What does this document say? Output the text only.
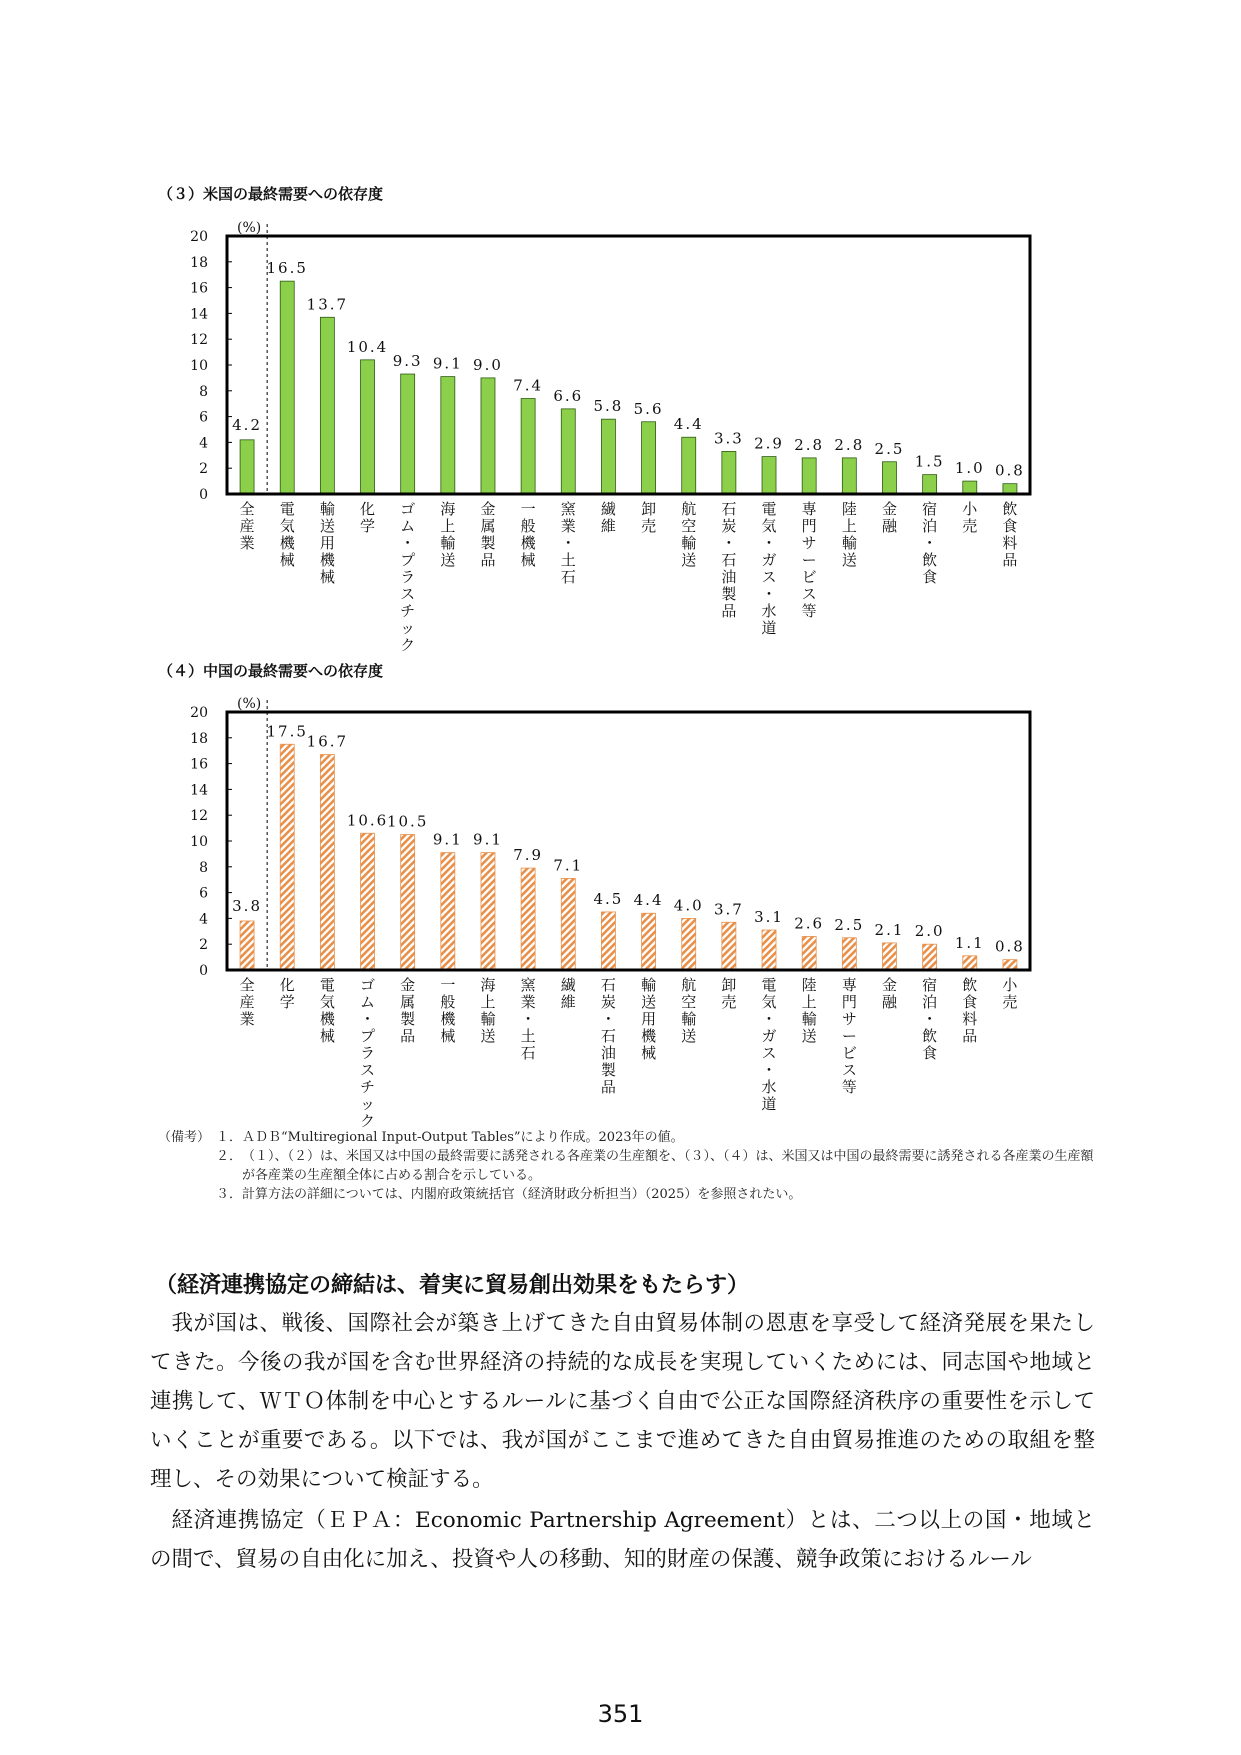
（３）米国の最終需要への依存度
0
2
4
6
8
10
12
14
16
18
20
(%)
4.2
全産業
16.5
電気機械
13.7
輸送用機械
10.4
化学
9.3
ゴム・プラスチック
9.1
海上輸送
9.0
金属製品
7.4
一般機械
6.6
窯業・土石
5.8
繊維
5.6
卸売
4.4
航空輸送
3.3
石炭・石油製品
2.9
電気・ガス・水道
2.8
専門サービス等
2.8
陸上輸送
2.5
金融
1.5
宿泊・飲食
1.0
小売
0.8
飲食料品
（４）中国の最終需要への依存度
0
2
4
6
8
10
12
14
16
18
20
(%)
3.8
全産業
17.5
化学
16.7
電気機械
10.6
ゴム・プラスチック
10.5
金属製品
9.1
一般機械
9.1
海上輸送
7.9
窯業・土石
7.1
繊維
4.5
石炭・石油製品
4.4
輸送用機械
4.0
航空輸送
3.7
卸売
3.1
電気・ガス・水道
2.6
陸上輸送
2.5
専門サービス等
2.1
金融
2.0
宿泊・飲食
1.1
飲食料品
0.8
小売
（備考） １．ＡＤＢ“Multiregional Input-Output Tables”により作成。2023年の値。
２． （１）、（２）は、米国又は中国の最終需要に誘発される各産業の生産額を、（３）、（４）は、米国又は中国の最終需要に誘発される各産業の生産額が各産業の生産額全体に占める割合を示している。
３．計算方法の詳細については、内閣府政策統括官（経済財政分析担当）（2025）を参照されたい。
（経済連携協定の締結は、着実に貿易創出効果をもたらす）

我が国は、戦後、国際社会が築き上げてきた自由貿易体制の恩恵を享受して経済発展を果たしてきた。今後の我が国を含む世界経済の持続的な成長を実現していくためには、同志国や地域と連携して、ＷＴＯ体制を中心とするルールに基づく自由で公正な国際経済秩序の重要性を示していくことが重要である。以下では、我が国がここまで進めてきた自由貿易推進のための取組を整理し、その効果について検証する。

経済連携協定（ＥＰＡ：Economic Partnership Agreement）とは、二つ以上の国・地域との間で、貿易の自由化に加え、投資や人の移動、知的財産の保護、競争政策におけるルール

351
